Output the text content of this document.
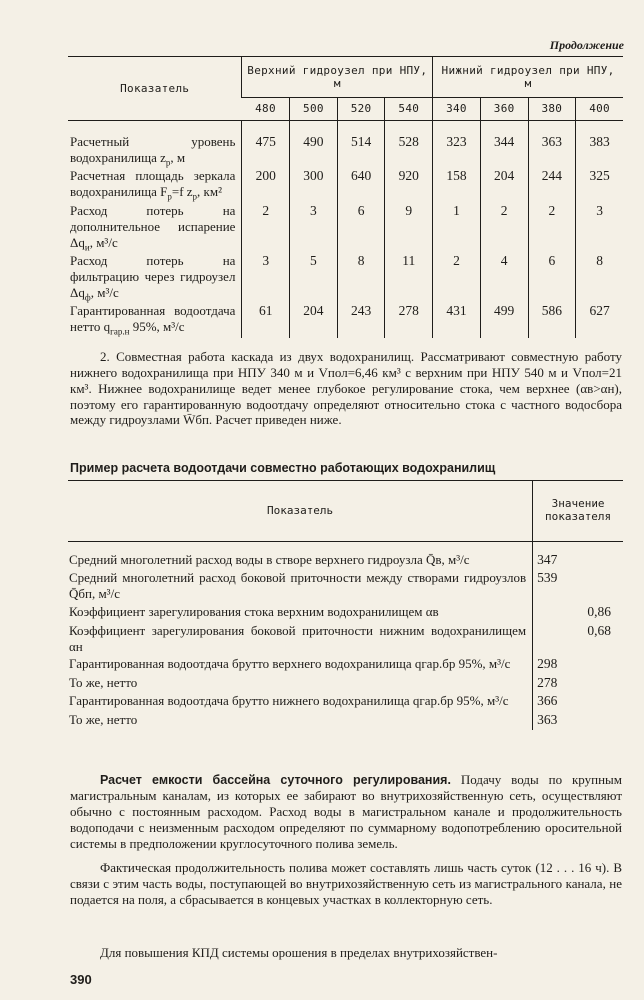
Продолжение
Показатель	Верхний гидроузел при НПУ, м				Нижний гидроузел при НПУ, м			
	480	500	520	540	340	360	380	400
Расчетный уровень водохранилища $z_р$, м	475	490	514	528	323	344	363	383
Расчетная площадь зеркала водохранилища $F_р=f$ $z_р$, км²	200	300	640	920	158	204	244	325
Расход потерь на дополнительное испарение $\Delta q_и$, м³/с	2	3	6	9	1	2	2	3
Расход потерь на фильтрацию через гидроузел $\Delta q_ф$, м³/с	3	5	8	11	2	4	6	8
Гарантированная водоотдача нетто $q_{гар.н}$ 95%, м³/с	61	204	243	278	431	499	586	627
2. Совместная работа каскада из двух водохранилищ. Рассматривают совместную работу нижнего водохранилища при НПУ 340 м и Vпол=6,46 км³ с верхним при НПУ 540 м и Vпол=21 км³. Нижнее водохранилище ведет менее глубокое регулирование стока, чем верхнее (αв>αн), поэтому его гарантированную водоотдачу определяют относительно стока с частного водосбора между гидроузлами W̄бп. Расчет приведен ниже.
Пример расчета водоотдачи совместно работающих водохранилищ
Показатель	Значение показателя
Средний многолетний расход воды в створе верхнего гидроузла Q̄в, м³/с	347
Средний многолетний расход боковой приточности между створами гидроузлов Q̄бп, м³/с	539
Коэффициент зарегулирования стока верхним водохранилищем αв	0,86
Коэффициент зарегулирования боковой приточности нижним водохранилищем αн	0,68
Гарантированная водоотдача брутто верхнего водохранилища qгар.бр 95%, м³/с	298
То же, нетто	278
Гарантированная водоотдача брутто нижнего водохранилища qгар.бр 95%, м³/с	366
То же, нетто	363
Расчет емкости бассейна суточного регулирования. Подачу воды по крупным магистральным каналам, из которых ее забирают во внутрихозяйственную сеть, осуществляют обычно с постоянным расходом. Расход воды в магистральном канале и продолжительность водоподачи с неизменным расходом определяют по суммарному водопотреблению оросительной системы в предположении круглосуточного полива земель.
Фактическая продолжительность полива может составлять лишь часть суток (12 . . . 16 ч). В связи с этим часть воды, поступающей во внутрихозяйственную сеть из магистрального канала, не подается на поля, а сбрасывается в концевых участках в коллекторную сеть.
Для повышения КПД системы орошения в пределах внутрихозяйствен-
390
